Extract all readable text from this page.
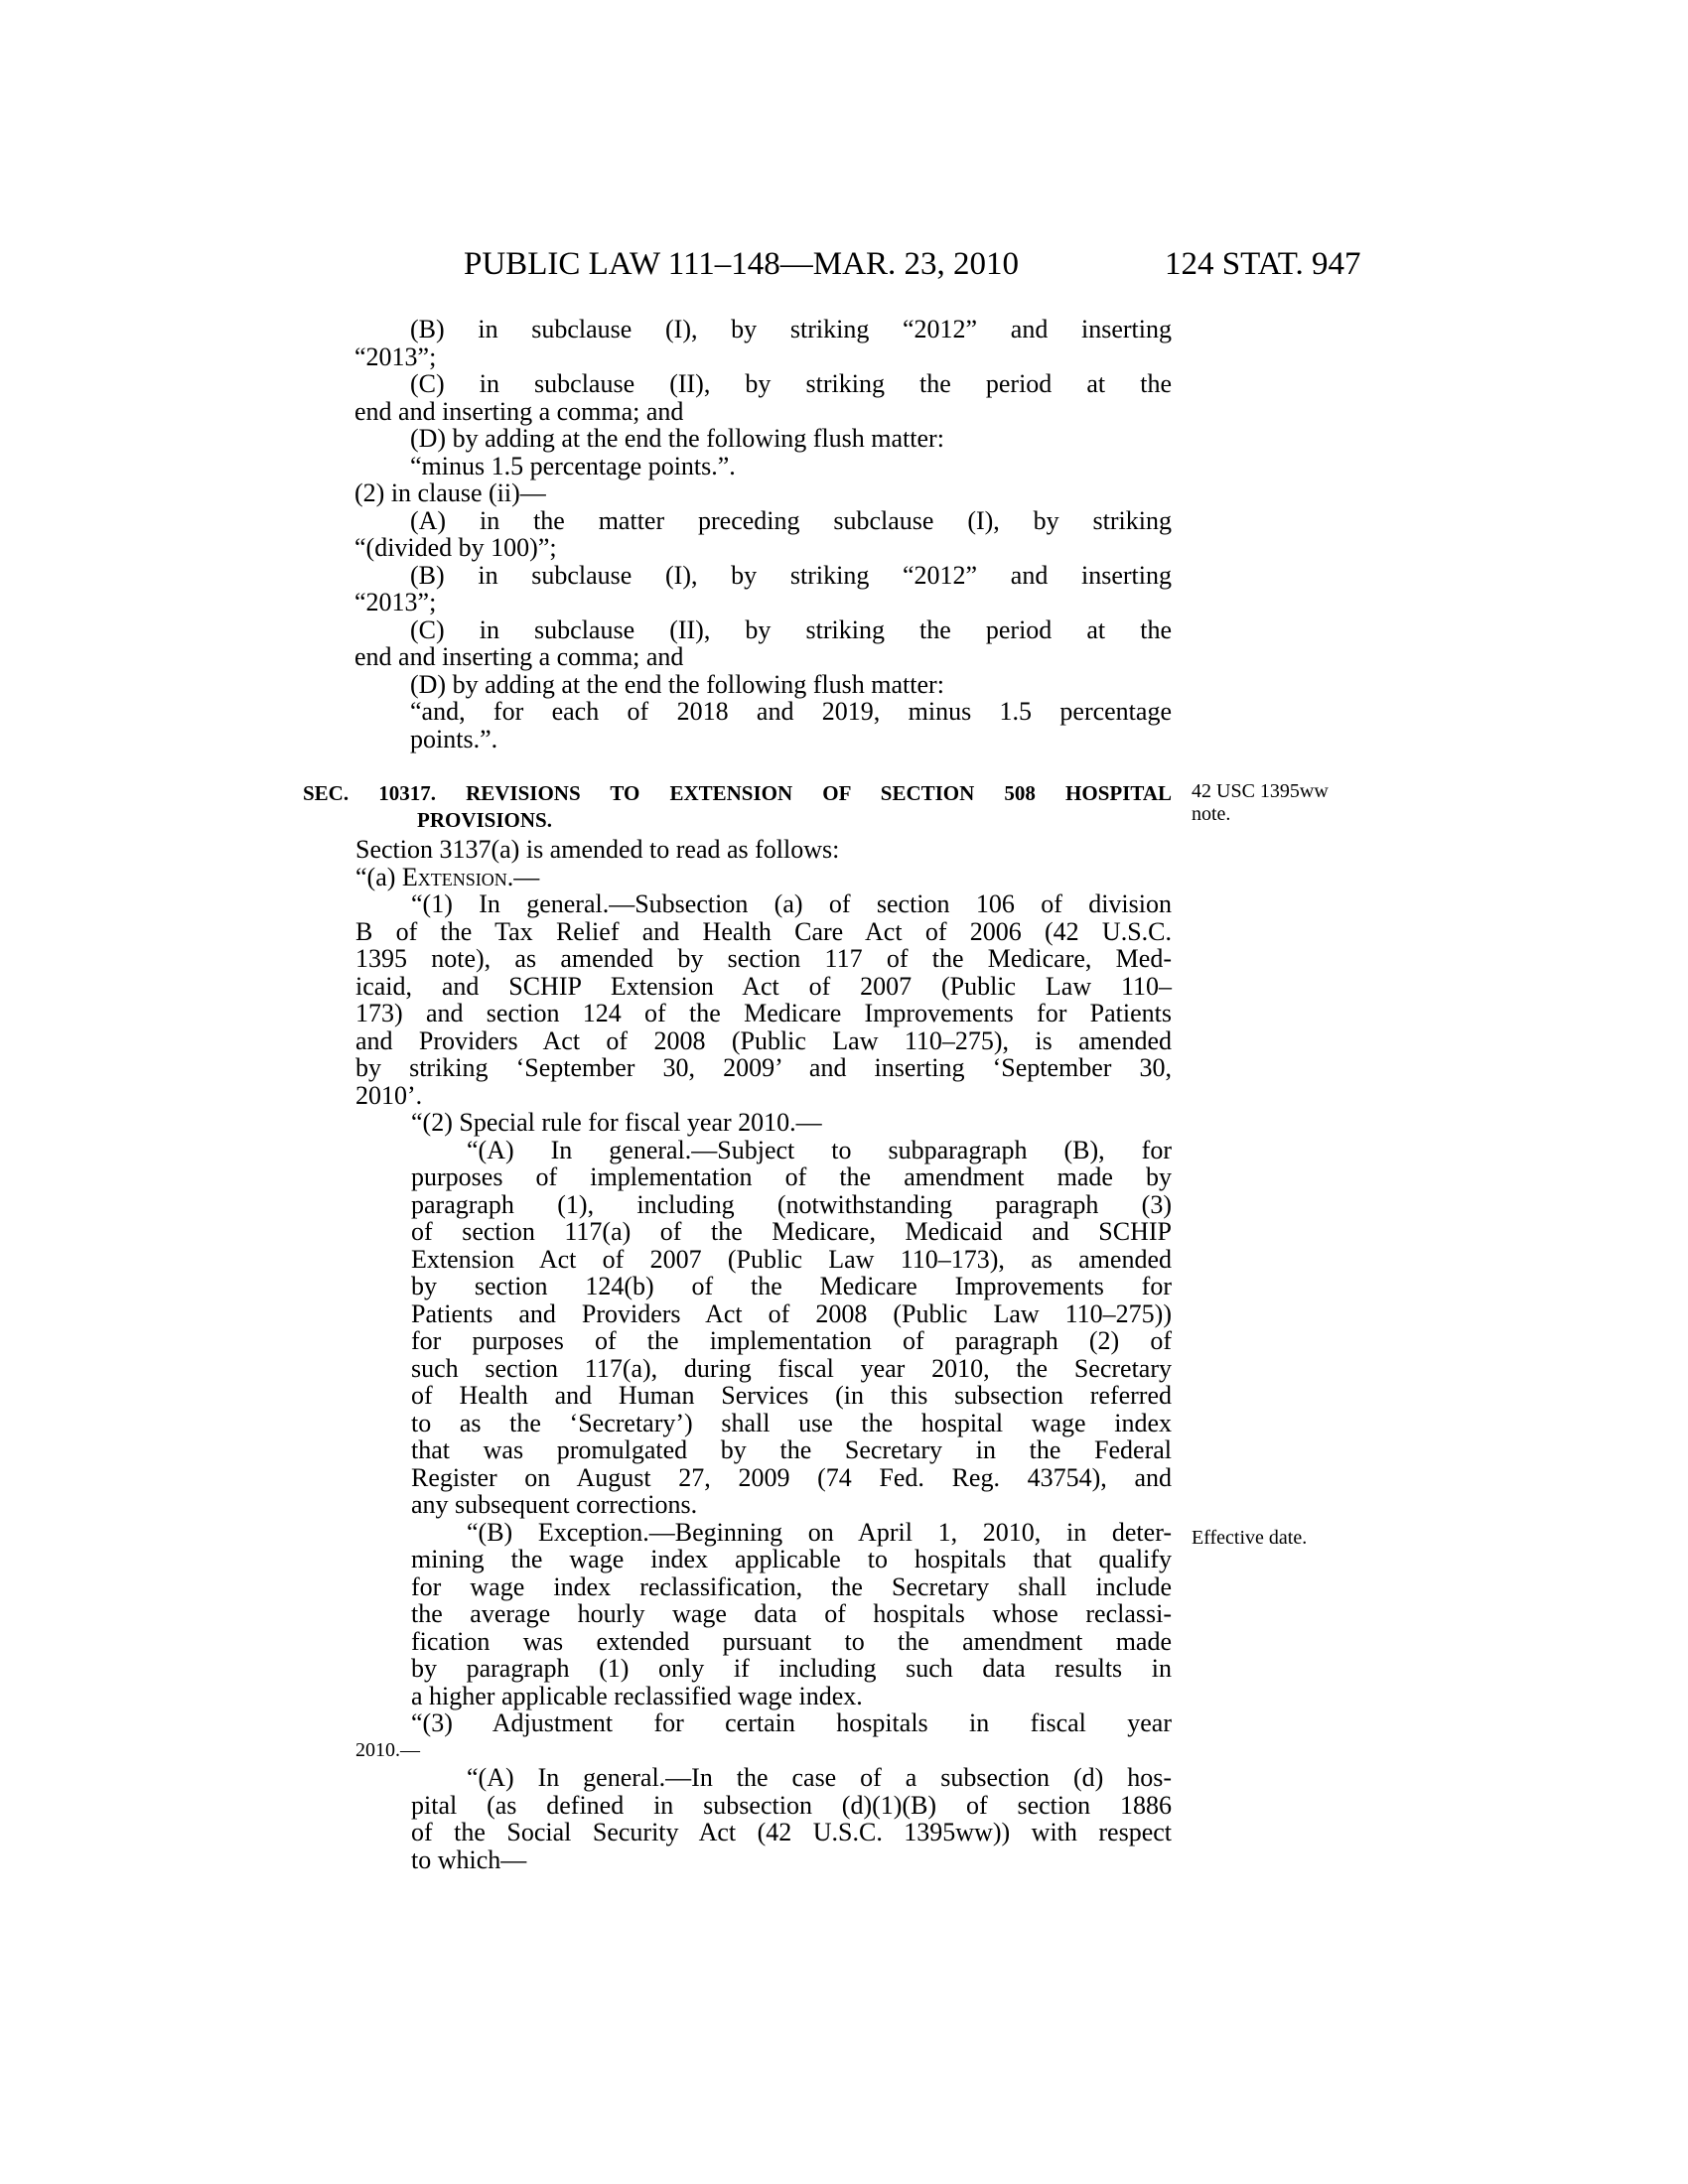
PUBLIC LAW 111–148—MAR. 23, 2010	124 STAT. 947
(B) in subclause (I), by striking “2012” and inserting
“2013”;
(C) in subclause (II), by striking the period at the
end and inserting a comma; and
(D) by adding at the end the following flush matter:
“minus 1.5 percentage points.”.
(2) in clause (ii)—
(A) in the matter preceding subclause (I), by striking
“(divided by 100)”;
(B) in subclause (I), by striking “2012” and inserting
“2013”;
(C) in subclause (II), by striking the period at the
end and inserting a comma; and
(D) by adding at the end the following flush matter:
“and, for each of 2018 and 2019, minus 1.5 percentage
points.”.
SEC. 10317. REVISIONS TO EXTENSION OF SECTION 508 HOSPITAL
PROVISIONS.
42 USC 1395ww
note.
Section 3137(a) is amended to read as follows:
“(a) Extension.—
“(1) In general.—Subsection (a) of section 106 of division
B of the Tax Relief and Health Care Act of 2006 (42 U.S.C.
1395 note), as amended by section 117 of the Medicare, Med-
icaid, and SCHIP Extension Act of 2007 (Public Law 110–
173) and section 124 of the Medicare Improvements for Patients
and Providers Act of 2008 (Public Law 110–275), is amended
by striking ‘September 30, 2009’ and inserting ‘September 30,
2010’.
“(2) Special rule for fiscal year 2010.—
“(A) In general.—Subject to subparagraph (B), for
purposes of implementation of the amendment made by
paragraph (1), including (notwithstanding paragraph (3)
of section 117(a) of the Medicare, Medicaid and SCHIP
Extension Act of 2007 (Public Law 110–173), as amended
by section 124(b) of the Medicare Improvements for
Patients and Providers Act of 2008 (Public Law 110–275))
for purposes of the implementation of paragraph (2) of
such section 117(a), during fiscal year 2010, the Secretary
of Health and Human Services (in this subsection referred
to as the ‘Secretary’) shall use the hospital wage index
that was promulgated by the Secretary in the Federal
Register on August 27, 2009 (74 Fed. Reg. 43754), and
any subsequent corrections.
“(B) Exception.—Beginning on April 1, 2010, in deter-
mining the wage index applicable to hospitals that qualify
for wage index reclassification, the Secretary shall include
the average hourly wage data of hospitals whose reclassi-
fication was extended pursuant to the amendment made
by paragraph (1) only if including such data results in
a higher applicable reclassified wage index.
“(3) Adjustment for certain hospitals in fiscal year
2010.—
“(A) In general.—In the case of a subsection (d) hos-
pital (as defined in subsection (d)(1)(B) of section 1886
of the Social Security Act (42 U.S.C. 1395ww)) with respect
to which—
Effective date.
